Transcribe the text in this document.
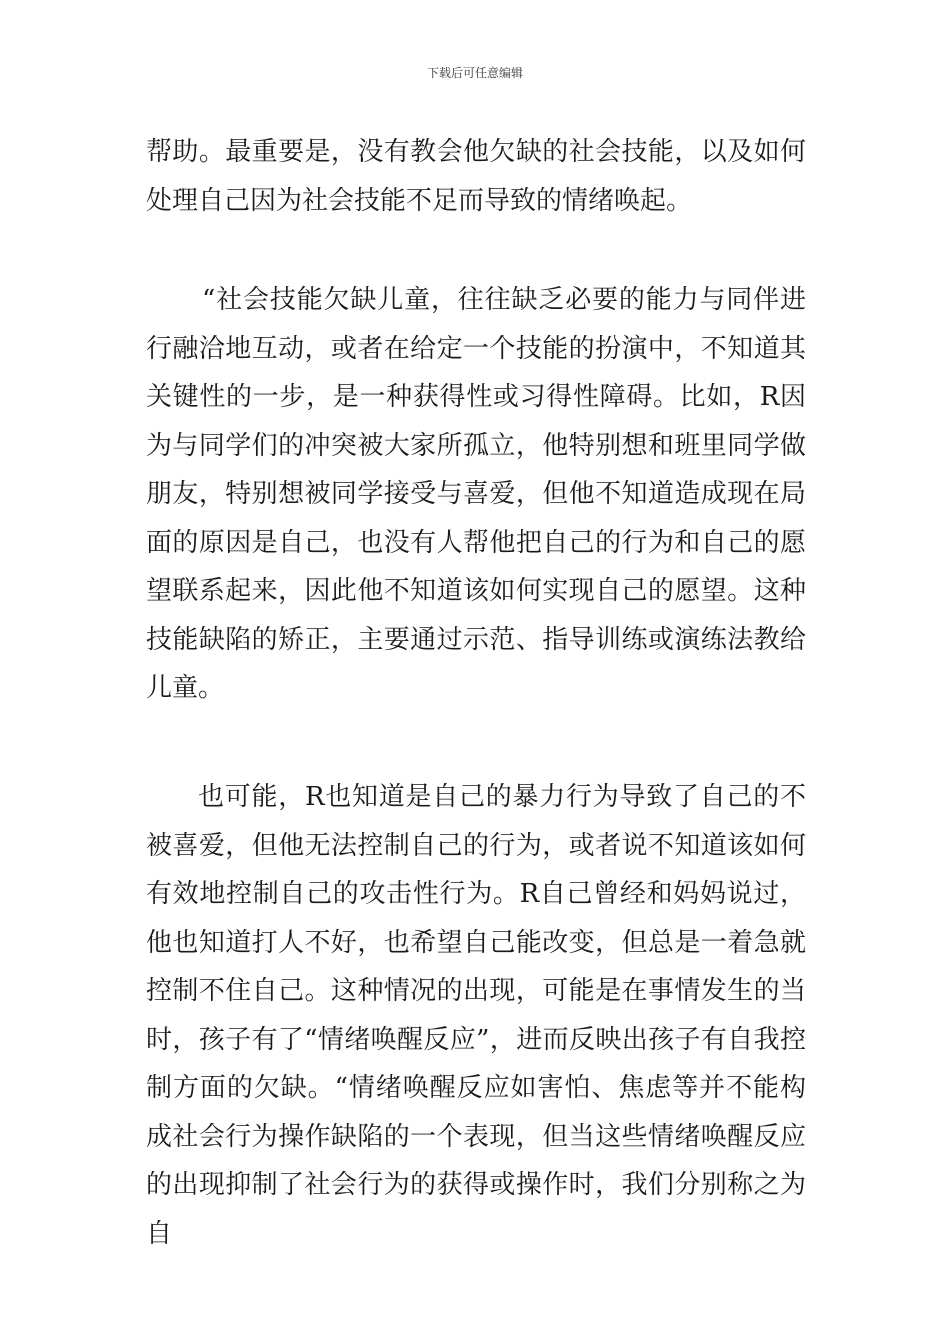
下载后可任意编辑

帮助。最重要是，没有教会他欠缺的社会技能，以及如何处理自己因为社会技能不足而导致的情绪唤起。

“社会技能欠缺儿童，往往缺乏必要的能力与同伴进行融洽地互动，或者在给定一个技能的扮演中，不知道其关键性的一步，是一种获得性或习得性障碍。比如，R因为与同学们的冲突被大家所孤立，他特别想和班里同学做朋友，特别想被同学接受与喜爱，但他不知道造成现在局面的原因是自己，也没有人帮他把自己的行为和自己的愿望联系起来，因此他不知道该如何实现自己的愿望。这种技能缺陷的矫正，主要通过示范、指导训练或演练法教给儿童。

也可能，R也知道是自己的暴力行为导致了自己的不被喜爱，但他无法控制自己的行为，或者说不知道该如何有效地控制自己的攻击性行为。R自己曾经和妈妈说过，他也知道打人不好，也希望自己能改变，但总是一着急就控制不住自己。这种情况的出现，可能是在事情发生的当时，孩子有了“情绪唤醒反应”，进而反映出孩子有自我控制方面的欠缺。“情绪唤醒反应如害怕、焦虑等并不能构成社会行为操作缺陷的一个表现，但当这些情绪唤醒反应的出现抑制了社会行为的获得或操作时，我们分别称之为自
